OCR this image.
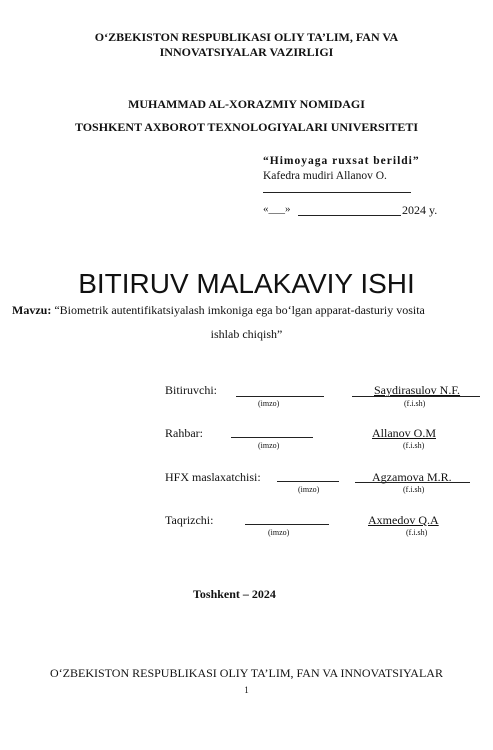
O‘ZBEKISTON RESPUBLIKASI OLIY TA’LIM, FAN VA
INNOVATSIYALAR VAZIRLIGI
MUHAMMAD AL-XORAZMIY NOMIDAGI
TOSHKENT AXBOROT TEXNOLOGIYALARI UNIVERSITETI
“Himoyaga ruxsat berildi”
Kafedra mudiri Allanov O.
«___»	2024 y.
BITIRUV MALAKAVIY ISHI
Mavzu: “Biometrik autentifikatsiyalash imkoniga ega bo‘lgan apparat-dasturiy vosita
ishlab chiqish”
Bitiruvchi:
(imzo)
Saydirasulov N.F.
(f.i.sh)
Rahbar:
(imzo)
Allanov O.M
(f.i.sh)
HFX maslaxatchisi:
(imzo)
Agzamova M.R.
(f.i.sh)
Taqrizchi:
(imzo)
Axmedov Q.A
(f.i.sh)
Toshkent – 2024
O‘ZBEKISTON RESPUBLIKASI OLIY TA’LIM, FAN VA INNOVATSIYALAR
1
